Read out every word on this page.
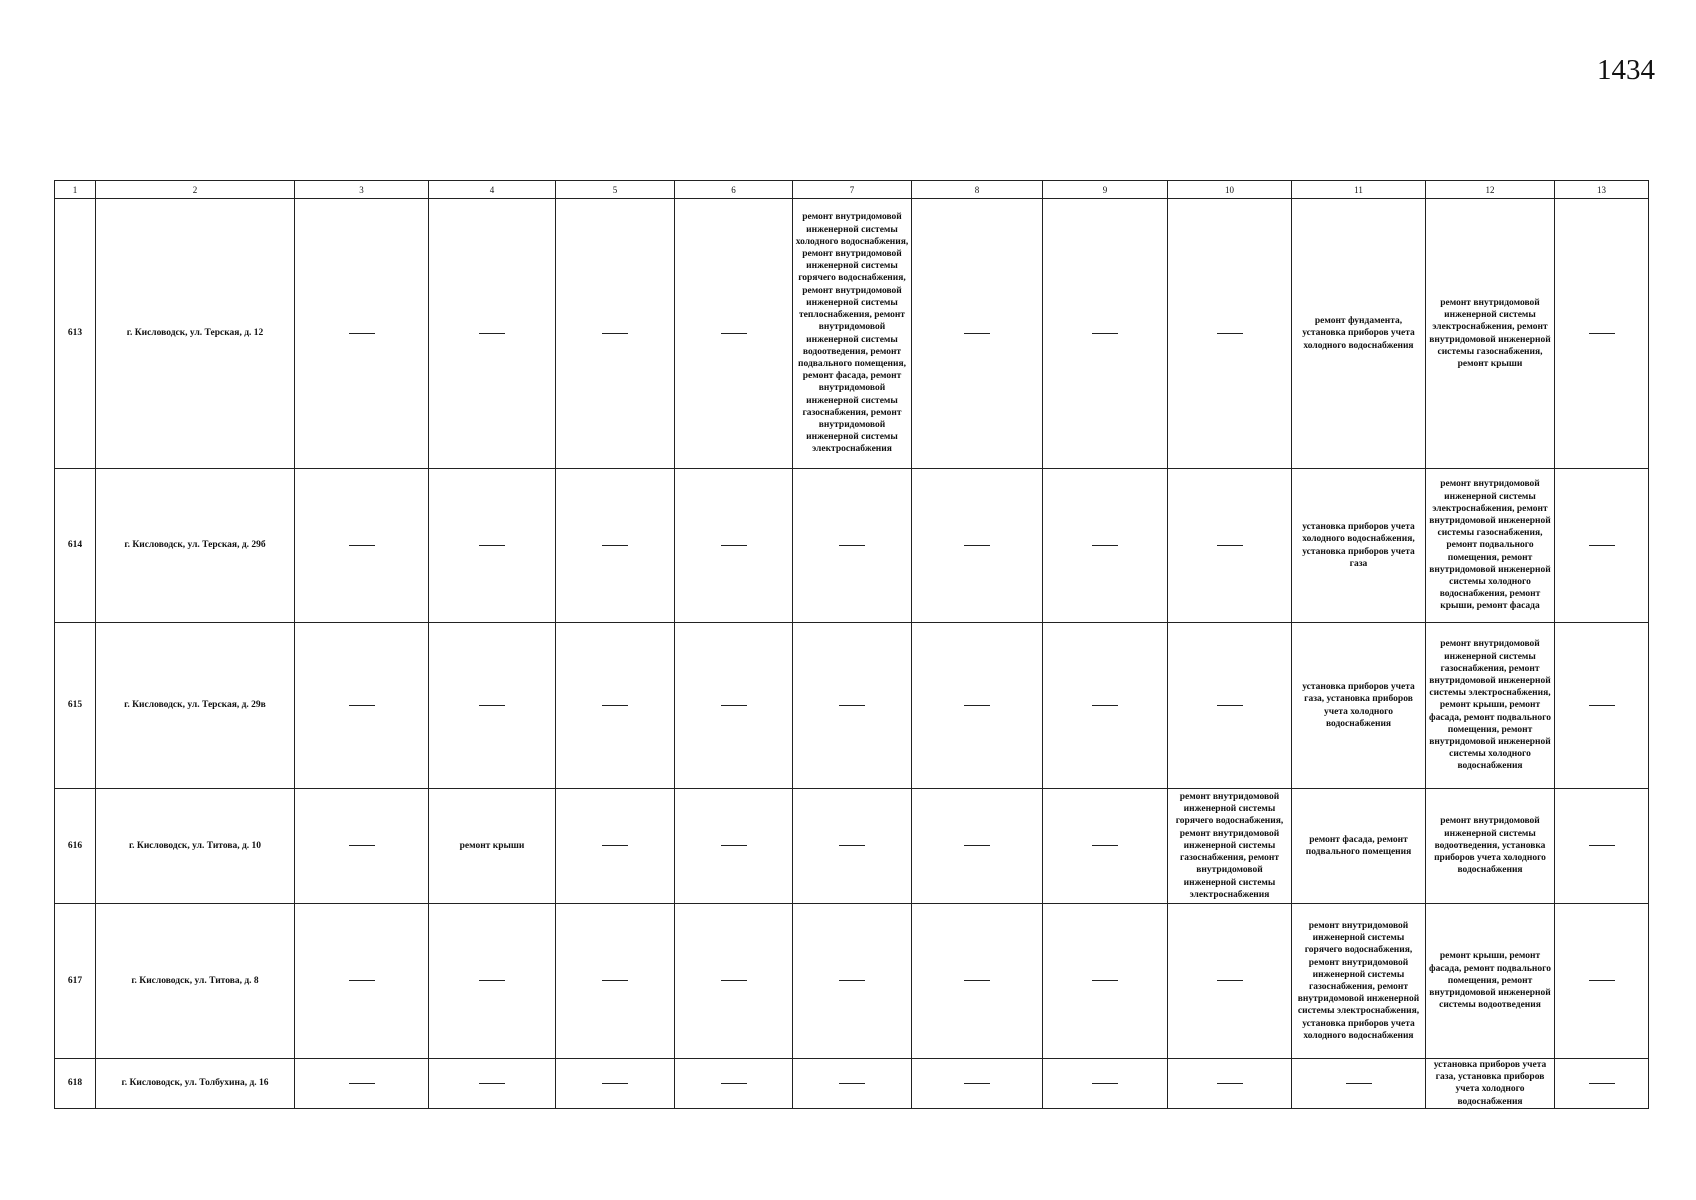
1434
1	2	3	4	5	6	7	8	9	10	11	12	13
613	г. Кисловодск, ул. Терская, д. 12					ремонт внутридомовой инженерной системы холодного водоснабжения, ремонт внутридомовой инженерной системы горячего водоснабжения, ремонт внутридомовой инженерной системы теплоснабжения, ремонт внутридомовой инженерной системы водоотведения, ремонт подвального помещения, ремонт фасада, ремонт внутридомовой инженерной системы газоснабжения, ремонт внутридомовой инженерной системы электроснабжения				ремонт фундамента, установка приборов учета холодного водоснабжения	ремонт внутридомовой инженерной системы электроснабжения, ремонт внутридомовой инженерной системы газоснабжения, ремонт крыши	
614	г. Кисловодск, ул. Терская, д. 29б									установка приборов учета холодного водоснабжения, установка приборов учета газа	ремонт внутридомовой инженерной системы электроснабжения, ремонт внутридомовой инженерной системы газоснабжения, ремонт подвального помещения, ремонт внутридомовой инженерной системы холодного водоснабжения, ремонт крыши, ремонт фасада	
615	г. Кисловодск, ул. Терская, д. 29в									установка приборов учета газа, установка приборов учета холодного водоснабжения	ремонт внутридомовой инженерной системы газоснабжения, ремонт внутридомовой инженерной системы электроснабжения, ремонт крыши, ремонт фасада, ремонт подвального помещения, ремонт внутридомовой инженерной системы холодного водоснабжения	
616	г. Кисловодск, ул. Титова, д. 10		ремонт крыши						ремонт внутридомовой инженерной системы горячего водоснабжения, ремонт внутридомовой инженерной системы газоснабжения, ремонт внутридомовой инженерной системы электроснабжения	ремонт фасада, ремонт подвального помещения	ремонт внутридомовой инженерной системы водоотведения, установка приборов учета холодного водоснабжения	
617	г. Кисловодск, ул. Титова, д. 8									ремонт внутридомовой инженерной системы горячего водоснабжения, ремонт внутридомовой инженерной системы газоснабжения, ремонт внутридомовой инженерной системы электроснабжения, установка приборов учета холодного водоснабжения	ремонт крыши, ремонт фасада, ремонт подвального помещения, ремонт внутридомовой инженерной системы водоотведения	
618	г. Кисловодск, ул. Толбухина, д. 16										установка приборов учета газа, установка приборов учета холодного водоснабжения	
